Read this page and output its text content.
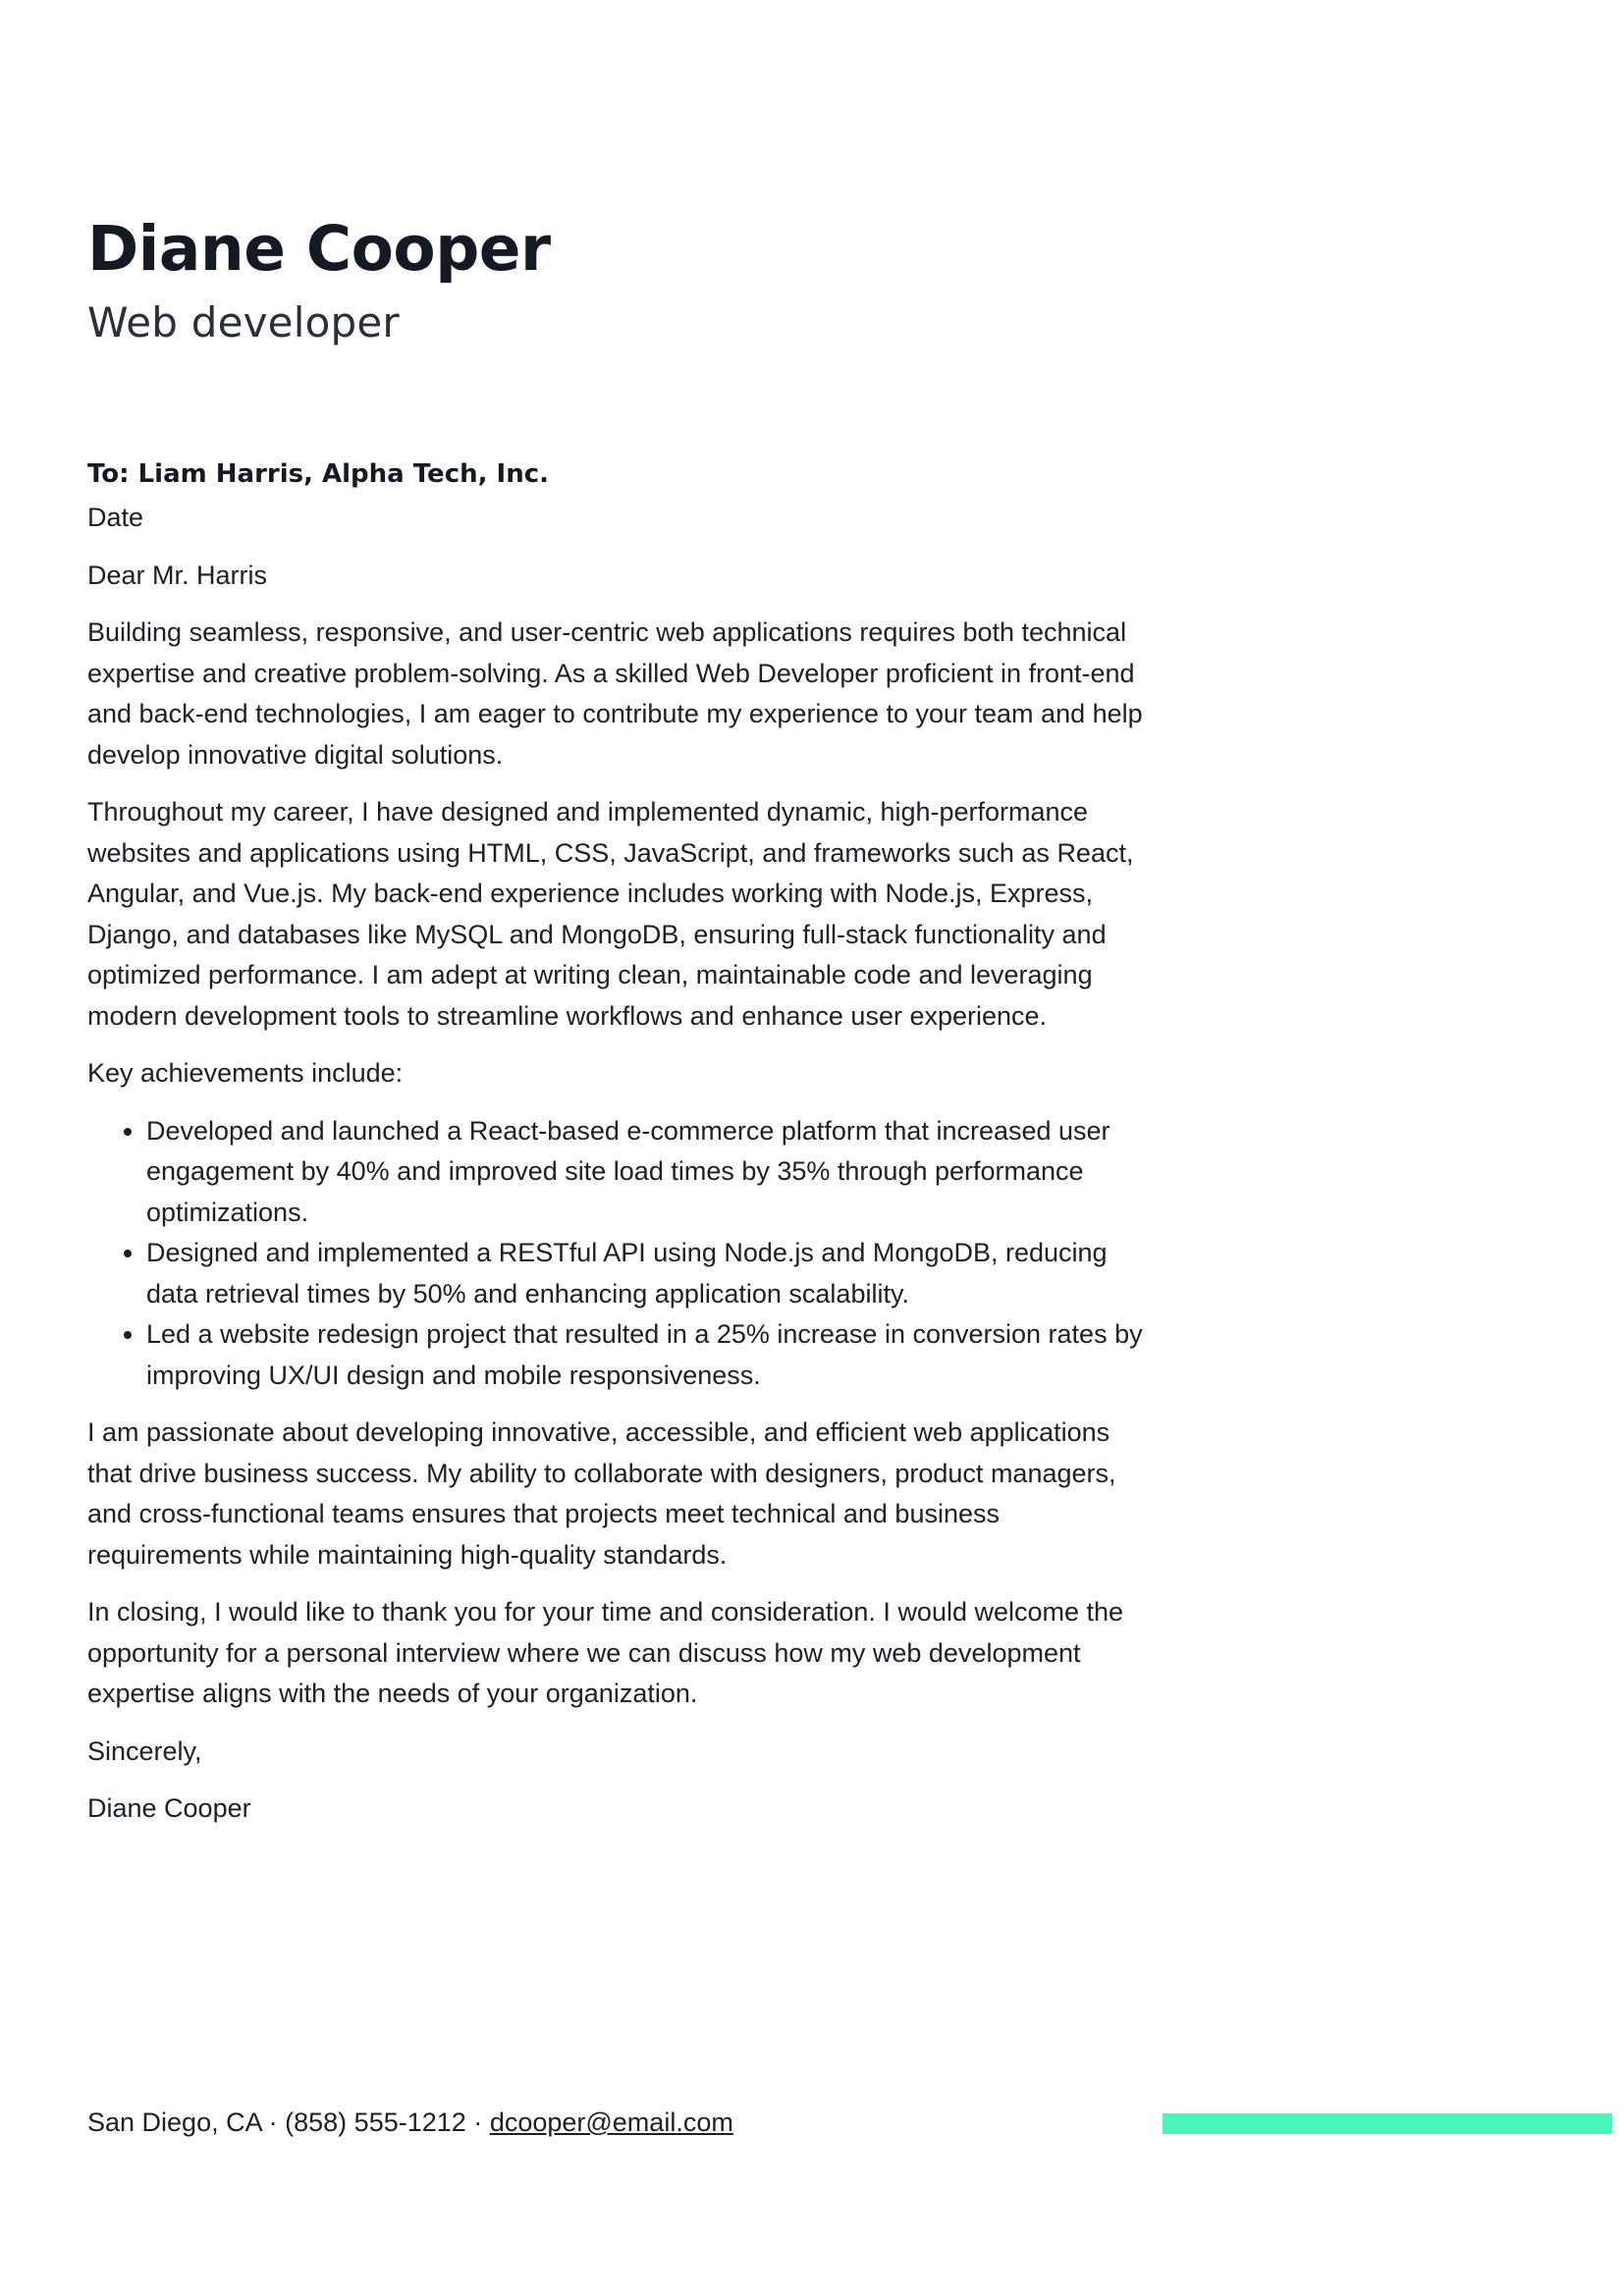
Diane Cooper
Web developer
To: Liam Harris, Alpha Tech, Inc.

Date

Dear Mr. Harris

Building seamless, responsive, and user-centric web applications requires both technical expertise and creative problem-solving. As a skilled Web Developer proficient in front-end and back-end technologies, I am eager to contribute my experience to your team and help develop innovative digital solutions.

Throughout my career, I have designed and implemented dynamic, high-performance websites and applications using HTML, CSS, JavaScript, and frameworks such as React, Angular, and Vue.js. My back-end experience includes working with Node.js, Express, Django, and databases like MySQL and MongoDB, ensuring full-stack functionality and optimized performance. I am adept at writing clean, maintainable code and leveraging modern development tools to streamline workflows and enhance user experience.

Key achievements include:

• Developed and launched a React-based e-commerce platform that increased user engagement by 40% and improved site load times by 35% through performance optimizations.
• Designed and implemented a RESTful API using Node.js and MongoDB, reducing data retrieval times by 50% and enhancing application scalability.
• Led a website redesign project that resulted in a 25% increase in conversion rates by improving UX/UI design and mobile responsiveness.

I am passionate about developing innovative, accessible, and efficient web applications that drive business success. My ability to collaborate with designers, product managers, and cross-functional teams ensures that projects meet technical and business requirements while maintaining high-quality standards.

In closing, I would like to thank you for your time and consideration. I would welcome the opportunity for a personal interview where we can discuss how my web development expertise aligns with the needs of your organization.

Sincerely,

Diane Cooper

San Diego, CA · (858) 555-1212 · dcooper@email.com
